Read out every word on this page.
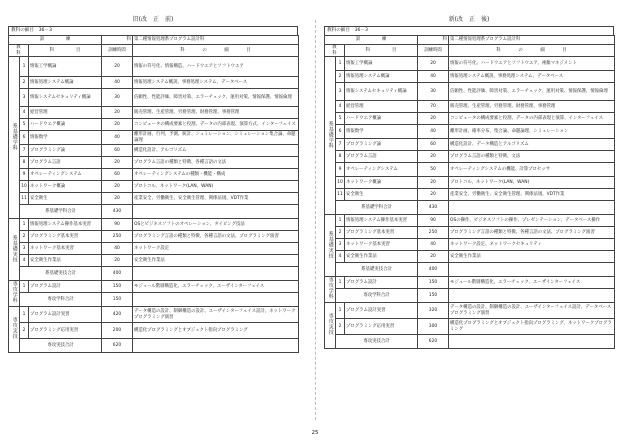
旧(改　正　前)
教科の細目　36－3
訓　　　　　練			科	第二種情報処理系プログラム設計科
教　　　科		科　　　　　目	訓練時間	科　　　　の　　　　細　　　　目
系基礎学科	1	情報工学概論	20	情報の符号化、情報構造、ハードウエアとソフトウエア
	2	情報処理システム概論	40	情報処理システム概説、事務処理システム、データベース
	3	情報システムセキュリティ概論	30	信頼性、性能評価、障害対策、エラーチェック、運用対策、情報保護、情報倫理
	4	経営管理	20	販売管理、生産管理、労務管理、財務管理、事務管理
	5	ハードウエア概論	20	コンピュータの構成要素と役割、データの内部表現、演算方式、インターフェイス
	6	情報数学	40	離形計画、行列、予測、統計、シュミレーション、シミュレーション集合論、命題論理
	7	プログラミング論	60	構造化設計、アルゴリズム
	8	プログラム言語	20	プログラム言語の種類と特徴、各種言語の文法
	9	オペレーティングシステム	60	オペレーティングシステムの種類・機能・構成
	10	ネットワーク概論	20	プロトコル、ネットワーク(LAN、WAN)
	11	安全衛生	20	産業安全、労働衛生、安全衛生管理、関係法規、VDT作業
	系基礎学科合計		430	
系基礎実技	1	情報処理システム操作基本実習	90	OSとビジネスソフトのオペレーション、タイピング技法
	2	プログラミング基本実習	250	プログラミング言語の種類と特徴、各種言語の文法、プログラミング演習
	3	ネットワーク基本実習	40	ネットワーク設定
	4	安全衛生作業法	20	安全衛生作業法
	系基礎実技合計		400	
専攻学科	1	プログラム設計	150	モジュール階層構造化、エラーチェック、ユーザインターフェイス
	専攻学科合計		150	
専攻実技	1	プログラム設計実習	420	データ構造の設計、制御構造の設計、ユーザインターフェイス設計、ネットワークプログラミング演習
	2	プログラミング応用実習	200	構造化プログラミングとオブジェクト指向プログラミング
	専攻実技合計		620	
新(改　正　後)
教科の細目　36－3
訓　　　　　練			科	第二種情報処理系プログラム設計科
教　　　科		科　　　　　目	訓練時間	科　　　　の　　　　細　　　　目
系基礎学科	1	情報工学概論	20	情報の符号化、ハードウエアとソフトウエア、複雑マネジメント
	2	情報処理システム概論	40	情報処理システム概説、事務処理システム、データベース
	3	情報システムセキュリティ概論	30	信頼性、性能評価、障害対策、エラーチェック、運用対策、情報保護、情報倫理
	4	経営管理	70	販売管理、生産管理、労務管理、財務管理、事務管理
	5	ハードウエア概論	20	コンピュータの構成要素と役割、データの内部表現と演算、インターフェイス
	6	情報数学	40	離形計画、確率分布、集合論、命題論理、シミュレーション
	7	プログラミング論	60	構造化設計、データ構造とアルゴリズム
	8	プログラム言語	20	プログラム言語の種類と特徴、文法
	9	オペレーティングシステム	50	オペレーティングシステムの機能、計算プロセッサ
	10	ネットワーク概論	20	プロトコル、ネットワーク(LAN、WAN)
	11	安全衛生	20	産業安全、労働衛生、安全衛生管理、関係法規、VDT作業
	系基礎学科合計		430	
系基礎実技	1	情報処理システム操作基本実習	90	OSの操作、ビジネスソフトの操作、プレゼンテーション、データベース操作
	2	プログラミング基本実習	250	プログラミング言語の種類と特徴、各種言語の文法、プログラミング演習
	3	ネットワーク基本実習	40	ネットワーク設定、ネットワークセキュリティ
	4	安全衛生作業法	20	安全衛生作業法
	系基礎実技合計		400	
専攻学科	1	プログラム設計	150	モジュール階層構造化、エラーチェック、ユーザインターフェイス
	専攻学科合計		150	
専攻実技	1	プログラム設計実習	320	データ構造の設計、制御構造の設計、ユーザインターフェイス設計、データベースプログラミング演習
	2	プログラミング応用実習	300	構造化プログラミングとオブジェクト指向プログラミング、ネットワークプログラミング
	専攻実技合計		620	
25
